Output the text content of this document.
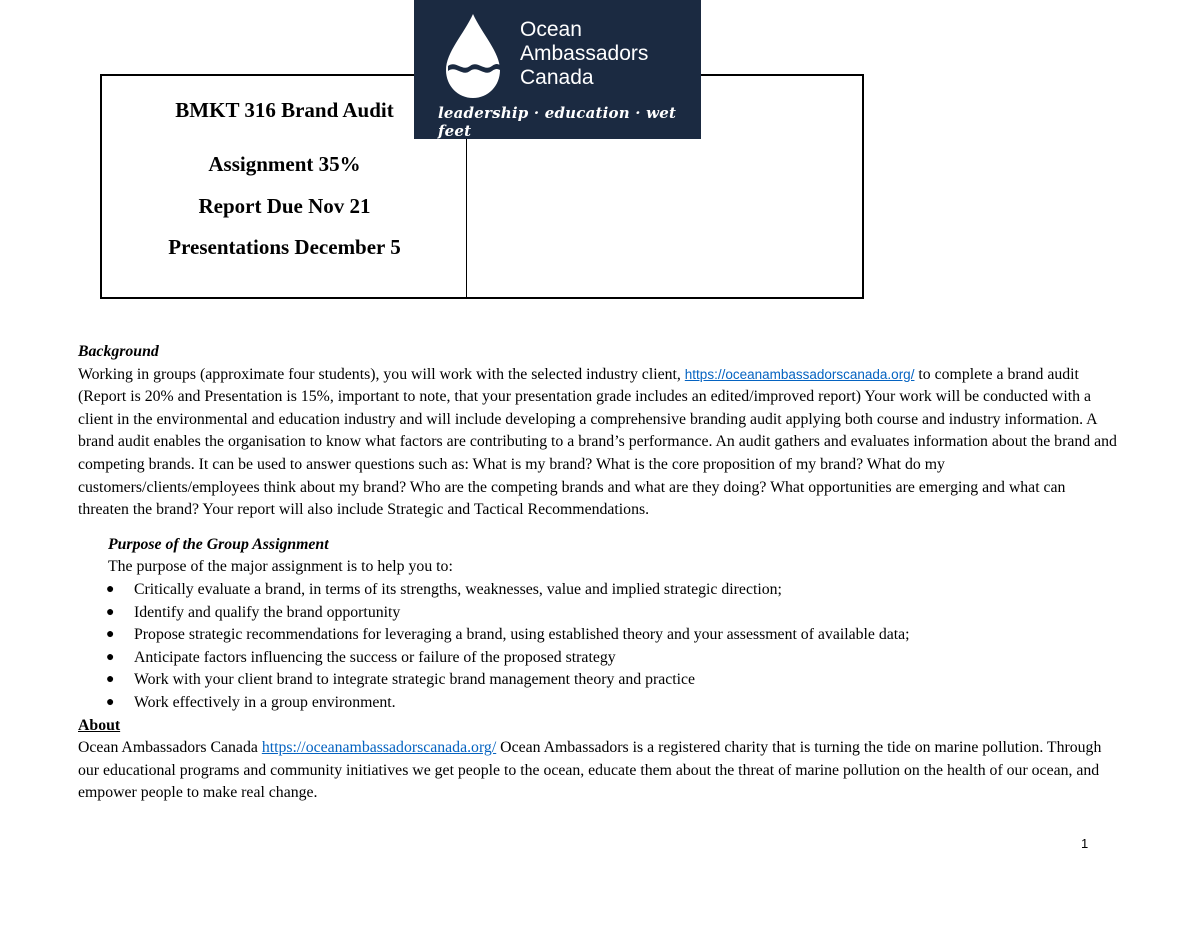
BMKT 316 Brand Audit
Assignment 35%
Report Due Nov 21
Presentations December 5
Ocean
Ambassadors
Canada
leadership · education · wet feet

Background

Working in groups (approximate four students), you will work with the selected industry client, https://oceanambassadorscanada.org/ to complete a brand audit (Report is 20% and Presentation is 15%, important to note, that your presentation grade includes an edited/improved report) Your work will be conducted with a client in the environmental and education industry and will include developing a comprehensive branding audit applying both course and industry information. A brand audit enables the organisation to know what factors are contributing to a brand’s performance. An audit gathers and evaluates information about the brand and competing brands. It can be used to answer questions such as: What is my brand? What is the core proposition of my brand? What do my customers/clients/employees think about my brand? Who are the competing brands and what are they doing? What opportunities are emerging and what can threaten the brand? Your report will also include Strategic and Tactical Recommendations.

Purpose of the Group Assignment

The purpose of the major assignment is to help you to:

● Critically evaluate a brand, in terms of its strengths, weaknesses, value and implied strategic direction;
● Identify and qualify the brand opportunity
● Propose strategic recommendations for leveraging a brand, using established theory and your assessment of available data;
● Anticipate factors influencing the success or failure of the proposed strategy
● Work with your client brand to integrate strategic brand management theory and practice
● Work effectively in a group environment.

About

Ocean Ambassadors Canada https://oceanambassadorscanada.org/ Ocean Ambassadors is a registered charity that is turning the tide on marine pollution. Through our educational programs and community initiatives we get people to the ocean, educate them about the threat of marine pollution on the health of our ocean, and empower people to make real change.

1
